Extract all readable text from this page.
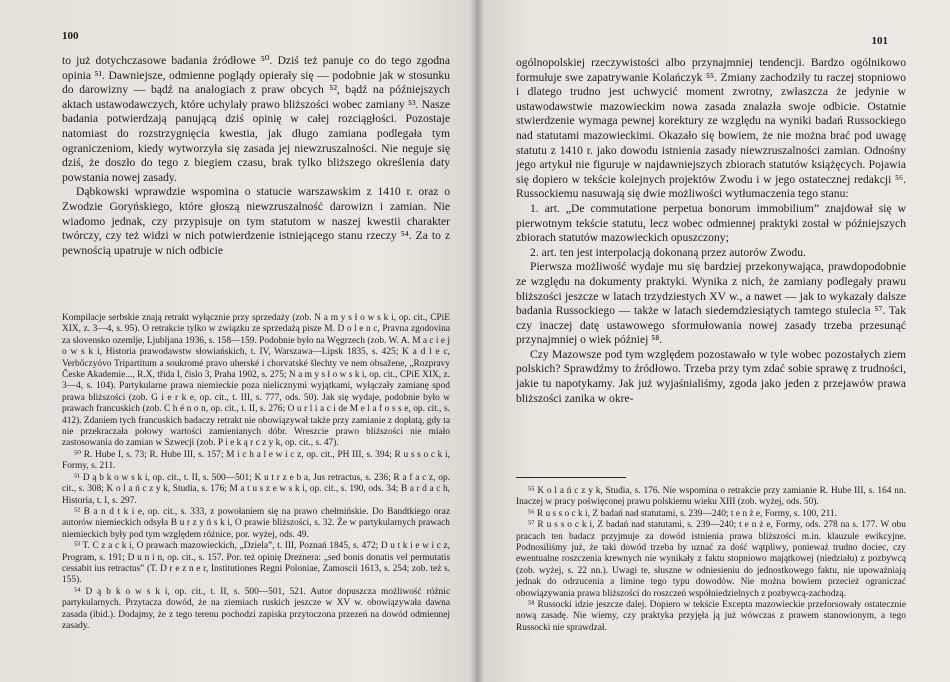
100

to już dotychczasowe badania źródłowe ⁵⁰. Dziś też panuje co do tego zgodna opinia ⁵¹. Dawniejsze, odmienne poglądy opierały się — podobnie jak w stosunku do darowizny — bądź na analogiach z praw obcych ⁵², bądź na późniejszych aktach ustawodawczych, które uchylały prawo bliższości wobec zamiany ⁵³. Nasze badania potwierdzają panującą dziś opinię w całej rozciągłości. Pozostaje natomiast do rozstrzygnięcia kwestia, jak długo zamiana podlegała tym ograniczeniom, kiedy wytworzyła się zasada jej niewzruszalności. Nie neguje się dziś, że doszło do tego z biegiem czasu, brak tylko bliższego określenia daty powstania nowej zasady.

Dąbkowski wprawdzie wspomina o statucie warszawskim z 1410 r. oraz o Zwodzie Goryńskiego, które głoszą niewzruszalność darowizn i zamian. Nie wiadomo jednak, czy przypisuje on tym statutom w naszej kwestii charakter twórczy, czy też widzi w nich potwierdzenie istniejącego stanu rzeczy ⁵⁴. Za to z pewnością upatruje w nich odbicie

Kompilacje serbskie znają retrakt wyłącznie przy sprzedaży (zob. N a m y s ł o w s k i, op. cit., CPiE XIX, z. 3—4, s. 95). O retrakcie tylko w związku ze sprzedażą pisze M. D o l e n c, Pravna zgodovina za slovensko ozemlje, Ljubljana 1936, s. 158—159. Podobnie było na Węgrzech (zob. W. A. M a c i e j o w s k i, Historia prawodawstw słowiańskich, t. IV, Warszawa—Lipsk 1835, s. 425; K a d l e c, Verbőczyóvo Tripartitum a soukromé pravo uherské i chorvatské šlechty ve nem obsažene, „Rozpravy Česke Akademie..., R.X, třída I, čislo 3, Praha 1902, s. 275; N a m y s ł o w s k i, op. cit., CPiE XIX, z. 3—4, s. 104). Partykularne prawa niemieckie poza nielicznymi wyjątkami, wyłączały zamianę spod prawa bliższości (zob. G i e r k e, op. cit., t. III, s. 777, ods. 50). Jak się wydaje, podobnie było w prawach francuskich (zob. C h é n o n, op. cit., t. II, s. 276; O u r l i a c i de M e l a f o s s e, op. cit., s. 412). Zdaniem tych francuskich badaczy retrakt nie obowiązywał także przy zamianie z dopłatą, gdy ta nie przekraczała połowy wartości zamienianych dóbr. Wreszcie prawo bliższości nie miało zastosowania do zamian w Szwecji (zob. P i e k ą r c z y k, op. cit., s. 47).

⁵⁰ R. Hube I, s. 73; R. Hube III, s. 157; M i c h a l e w i c z, op. cit., PH III, s. 394; R u s s o c k i, Formy, s. 211.

⁵¹ D ą b k o w s k i, op. cit., t. II, s. 500—501; K u t r z e b a, Jus retractus, s. 236; R a f a c z, op. cit., s. 308; K o l a ń c z y k, Studia, s. 176; M a t u s z e w s k i, op. cit., s. 190, ods. 34; B a r d a c h, Historia, t. I, s. 297.

⁵² B a n d t k i e, op. cit., s. 333, z powołaniem się na prawo chełmińskie. Do Bandtkiego oraz autorów niemieckich odsyła B u r z y ń s k i, O prawie bliższości, s. 32. Że w partykularnych prawach niemieckich były pod tym względem różnice, por. wyżej, ods. 49.

⁵³ T. C z a c k i, O prawach mazowieckich, „Dziela”, t. III, Poznań 1845, s. 472; D u t k i e w i c z, Program, s. 191; D u n i n, op. cit., s. 157. Por. też opinię Dreznera: „sed bonis donatis vel permutatis cessabit ius retractus” (T. D r e z n e r, Institutiones Regni Poloniae, Zamoscii 1613, s. 254; zob. też s. 155).

⁵⁴ D ą b k o w s k i, op. cit., t. II, s. 500—501, 521. Autor dopuszcza możliwość różnic partykularnych. Przytacza dowód, że na ziemiach ruskich jeszcze w XV w. obowiązywała dawna zasada (ibid.). Dodajmy, że z tego terenu pochodzi zapiska przytoczona przezeń na dowód odmiennej zasady.

101

ogólnopolskiej rzeczywistości albo przynajmniej tendencji. Bardzo ogólnikowo formułuje swe zapatrywanie Kolańczyk ⁵⁵. Zmiany zachodziły tu raczej stopniowo i dlatego trudno jest uchwycić moment zwrotny, zwłaszcza że jedynie w ustawodawstwie mazowieckim nowa zasada znalazła swoje odbicie. Ostatnie stwierdzenie wymaga pewnej korektury ze względu na wyniki badań Russockiego nad statutami mazowieckimi. Okazało się bowiem, że nie można brać pod uwagę statutu z 1410 r. jako dowodu istnienia zasady niewzruszalności zamian. Odnośny jego artykuł nie figuruje w najdawniejszych zbiorach statutów książęcych. Pojawia się dopiero w tekście kolejnych projektów Zwodu i w jego ostatecznej redakcji ⁵⁶. Russockiemu nasuwają się dwie możliwości wytłumaczenia tego stanu:

1. art. „De commutatione perpetua bonorum immobilium” znajdował się w pierwotnym tekście statutu, lecz wobec odmiennej praktyki został w późniejszych zbiorach statutów mazowieckich opuszczony;

2. art. ten jest interpolacją dokonaną przez autorów Zwodu.

Pierwsza możliwość wydaje mu się bardziej przekonywająca, prawdopodobnie ze względu na dokumenty praktyki. Wynika z nich, że zamiany podlegały prawu bliższości jeszcze w latach trzydziestych XV w., a nawet — jak to wykazały dalsze badania Russockiego — także w latach siedemdziesiątych tamtego stulecia ⁵⁷. Tak czy inaczej datę ustawowego sformułowania nowej zasady trzeba przesunąć przynajmniej o wiek później ⁵⁸.

Czy Mazowsze pod tym względem pozostawało w tyle wobec pozostałych ziem polskich? Sprawdźmy to źródłowo. Trzeba przy tym zdać sobie sprawę z trudności, jakie tu napotykamy. Jak już wyjaśnialiśmy, zgoda jako jeden z przejawów prawa bliższości zanika w okre-

⁵⁵ K o l a ń c z y k, Studia, s. 176. Nie wspomina o retrakcie przy zamianie R. Hube III, s. 164 nn. Inaczej w pracy poświęconej prawu polskiemu wieku XIII (zob. wyżej, ods. 50).

⁵⁶ R u s s o c k i, Z badań nad statutami, s. 239—240; t e n ż e, Formy, s. 100, 211.

⁵⁷ R u s s o c k i, Z badań nad statutami, s. 239—240; t e n ż e, Formy, ods. 278 na s. 177. W obu pracach ten badacz przyjmuje za dowód istnienia prawa bliższości m.in. klauzule ewikcyjne. Podnosiliśmy już, że taki dowód trzeba by uznać za dość wątpliwy, ponieważ trudno dociec, czy ewentualne roszczenia krewnych nie wynikały z faktu stopniowo majątkowej (niedziału) z pozbywcą (zob. wyżej, s. 22 nn.). Uwagi te, słuszne w odniesieniu do jednostkowego faktu, nie upoważniają jednak do odrzucenia a limine tego typu dowodów. Nie można bowiem przecież ograniczać obowiązywania prawa bliższości do roszczeń współniedzielnych z pozbywcą-zachodzą.

⁵⁸ Russocki idzie jeszcze dalej. Dopiero w tekście Excepta mazowieckie przeforsowały ostatecznie nową zasadę. Nie wiemy, czy praktyka przyjęła ją już wówczas z prawem stanowionym, a tego Russocki nie sprawdzał.
